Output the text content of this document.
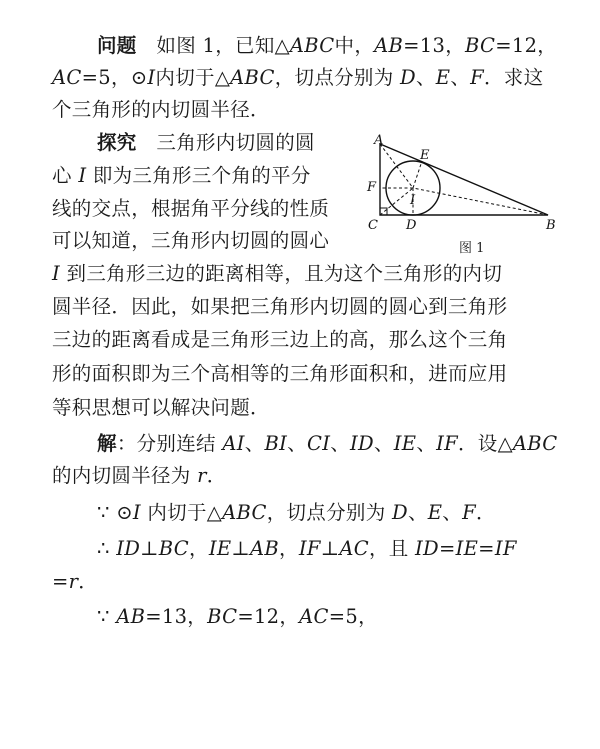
问题　如图 1，已知△ABC中，AB=13，BC=12，
AC=5，⊙I内切于△ABC，切点分别为 D、E、F．求这
个三角形的内切圆半径．
探究　三角形内切圆的圆
心 I 即为三角形三个角的平分
线的交点，根据角平分线的性质
可以知道，三角形内切圆的圆心
I 到三角形三边的距离相等，且为这个三角形的内切
圆半径．因此，如果把三角形内切圆的圆心到三角形
三边的距离看成是三角形三边上的高，那么这个三角
形的面积即为三个高相等的三角形面积和，进而应用
等积思想可以解决问题．
解：分别连结 AI、BI、CI、ID、IE、IF．设△ABC
的内切圆半径为 r．
∵ ⊙I 内切于△ABC，切点分别为 D、E、F．
∴ ID⊥BC，IE⊥AB，IF⊥AC，且 ID=IE=IF
=r．
∵ AB=13，BC=12，AC=5，
A
E
F
I
C D	B
图 1
